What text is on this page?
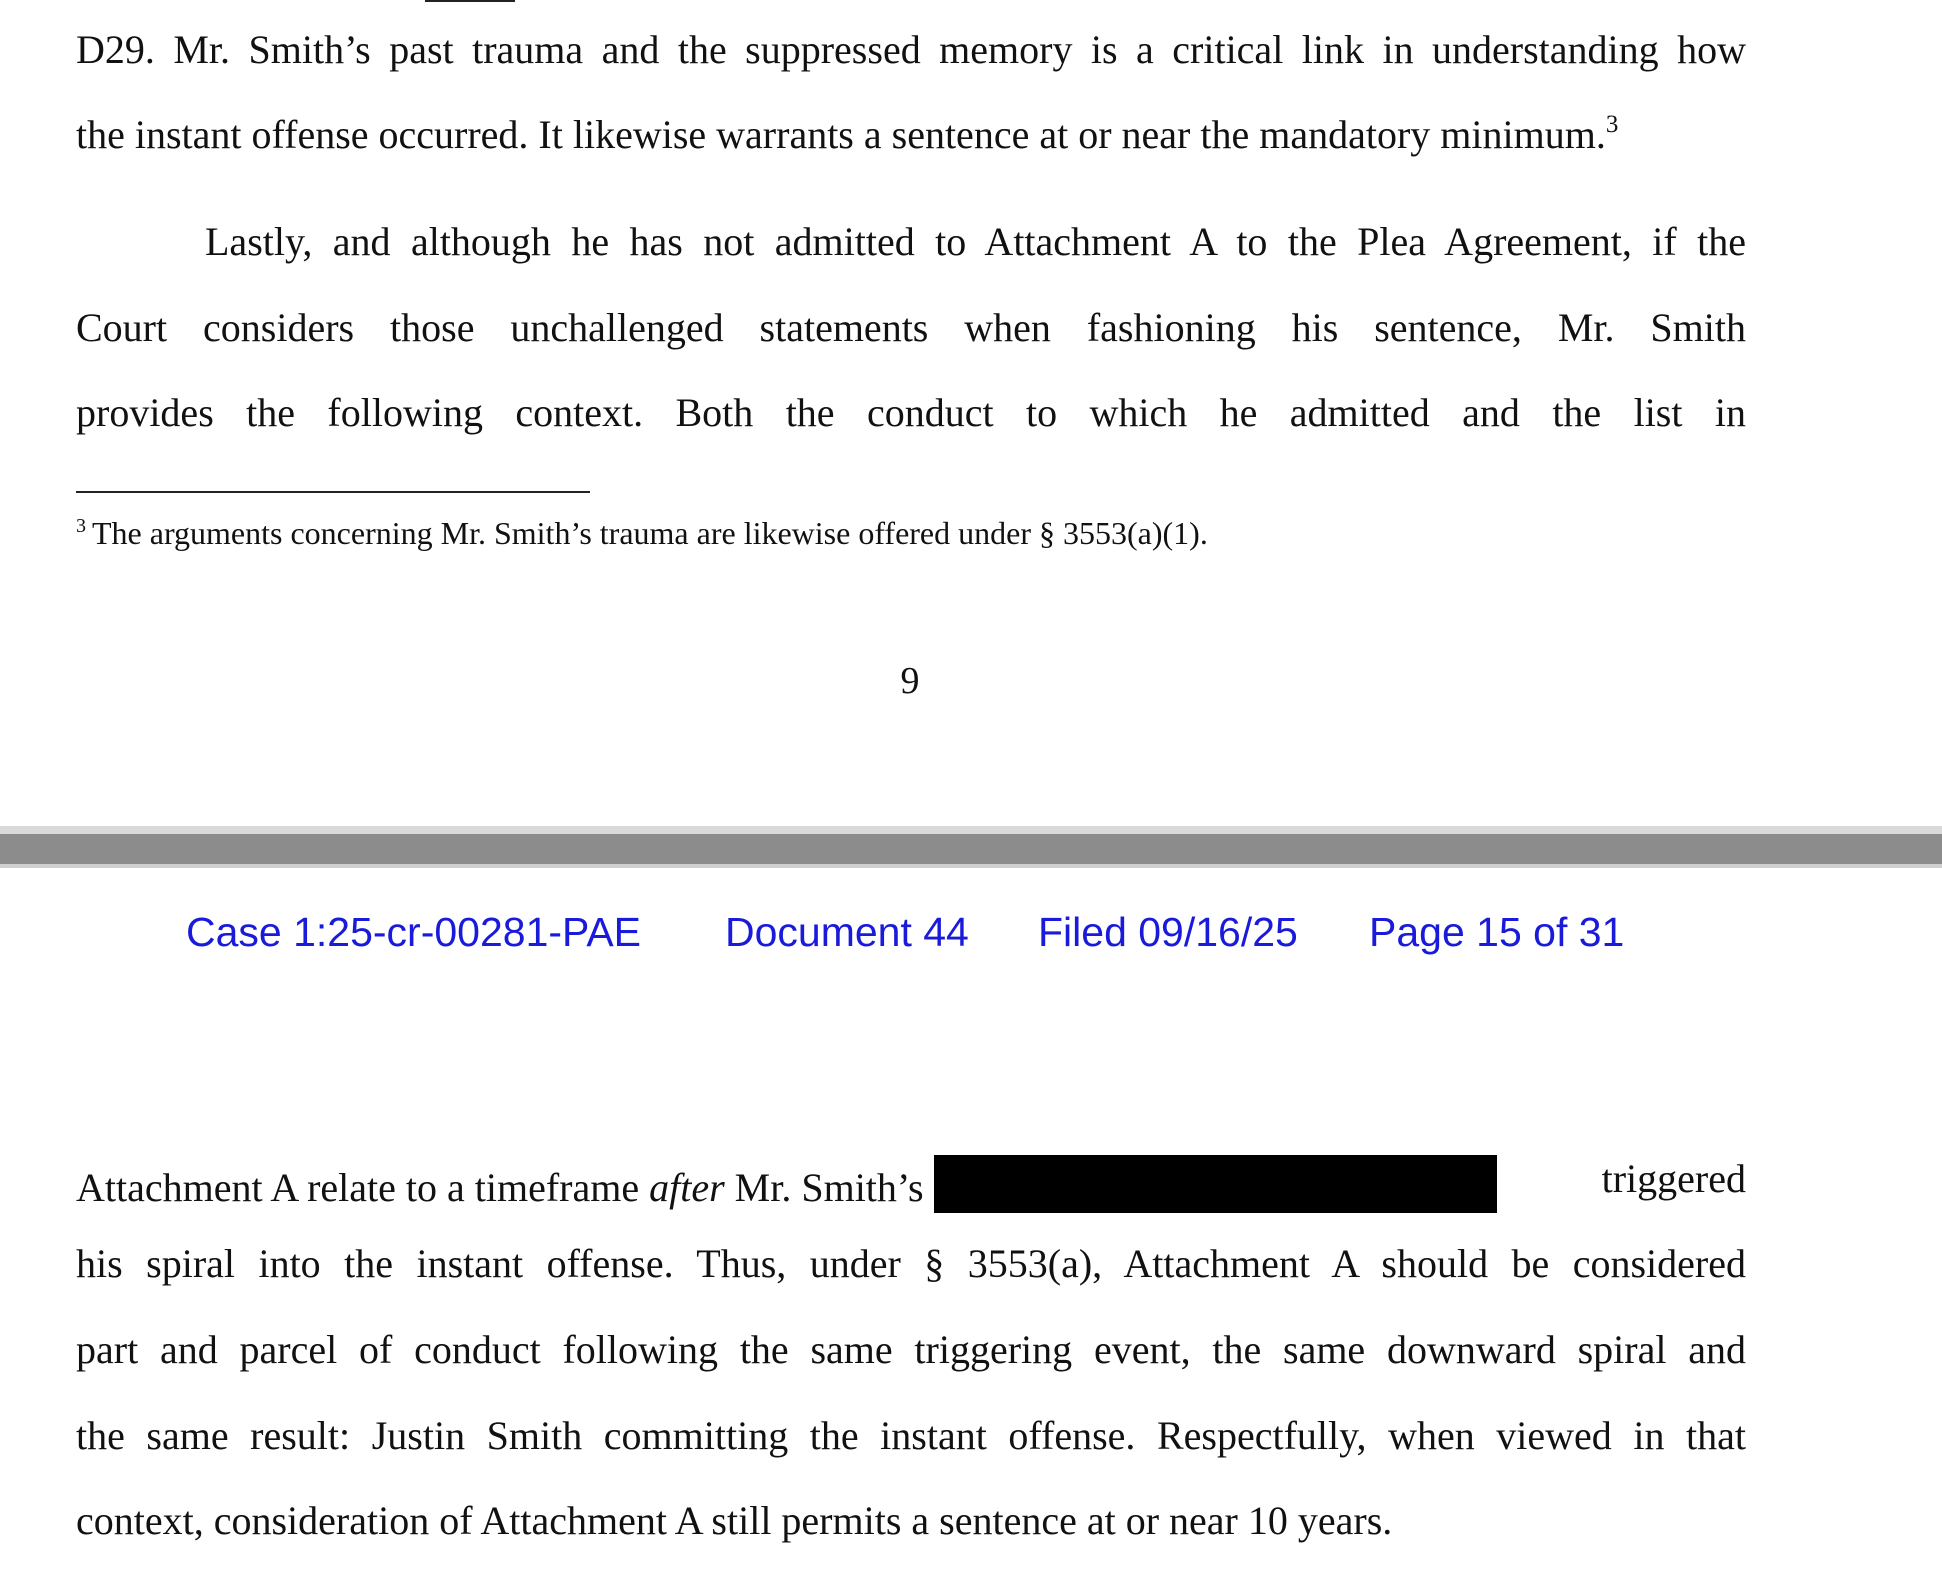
D29. Mr. Smith’s past trauma and the suppressed memory is a critical link in understanding how
the instant offense occurred. It likewise warrants a sentence at or near the mandatory minimum.$^3$
Lastly, and although he has not admitted to Attachment A to the Plea Agreement, if the
Court considers those unchallenged statements when fashioning his sentence, Mr. Smith
provides the following context. Both the conduct to which he admitted and the list in
$^3$ The arguments concerning Mr. Smith’s trauma are likewise offered under § 3553(a)(1).
9
Case 1:25-cr-00281-PAE Document 44 Filed 09/16/25 Page 15 of 31
Attachment A relate to a timeframe after Mr. Smith’s	triggered
his spiral into the instant offense. Thus, under § 3553(a), Attachment A should be considered
part and parcel of conduct following the same triggering event, the same downward spiral and
the same result: Justin Smith committing the instant offense. Respectfully, when viewed in that
context, consideration of Attachment A still permits a sentence at or near 10 years.
